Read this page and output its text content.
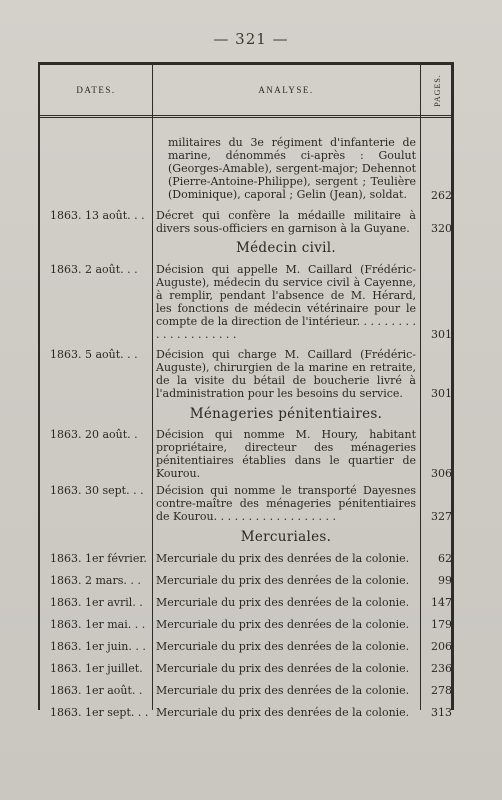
— 321 —
DATES.	ANALYSE.	PAGES.
militaires du 3e régiment d'infanterie de marine, dénommés ci-après : Goulut (Georges-Amable), sergent-major; Dehennot (Pierre-Antoine-Philippe), sergent ; Teulière (Dominique), caporal ; Gelin (Jean), soldat.	262
1863. 13 août. . .	Décret qui confère la médaille militaire à divers sous-officiers en garnison à la Guyane.	320
Médecin civil.
1863. 2 août. . .	Décision qui appelle M. Caillard (Frédéric-Auguste), médecin du service civil à Cayenne, à remplir, pendant l'absence de M. Hérard, les fonctions de médecin vétérinaire pour le compte de la direction de l'intérieur. . . . . . . . . . . . . . . . . . . . .	301
1863. 5 août. . .	Décision qui charge M. Caillard (Frédéric-Auguste), chirurgien de la marine en retraite, de la visite du bétail de boucherie livré à l'administration pour les besoins du service.	301
Ménageries pénitentiaires.
1863. 20 août. .	Décision qui nomme M. Houry, habitant propriétaire, directeur des ménageries pénitentiaires établies dans le quartier de Kourou.	306
1863. 30 sept. . .	Décision qui nomme le transporté Dayesnes contre-maître des ménageries pénitentiaires de Kourou. . . . . . . . . . . . . . . . . .	327
Mercuriales.
1863. 1er février. Mercuriale du prix des denrées de la colonie.	62
1863. 2 mars. . .	Mercuriale du prix des denrées de la colonie.	99
1863. 1er avril. .	Mercuriale du prix des denrées de la colonie.	147
1863. 1er mai. . . Mercuriale du prix des denrées de la colonie.	179
1863. 1er juin. . . Mercuriale du prix des denrées de la colonie.	206
1863. 1er juillet.	Mercuriale du prix des denrées de la colonie.	236
1863. 1er août. .	Mercuriale du prix des denrées de la colonie.	278
1863. 1er sept. . . Mercuriale du prix des denrées de la colonie.	313
